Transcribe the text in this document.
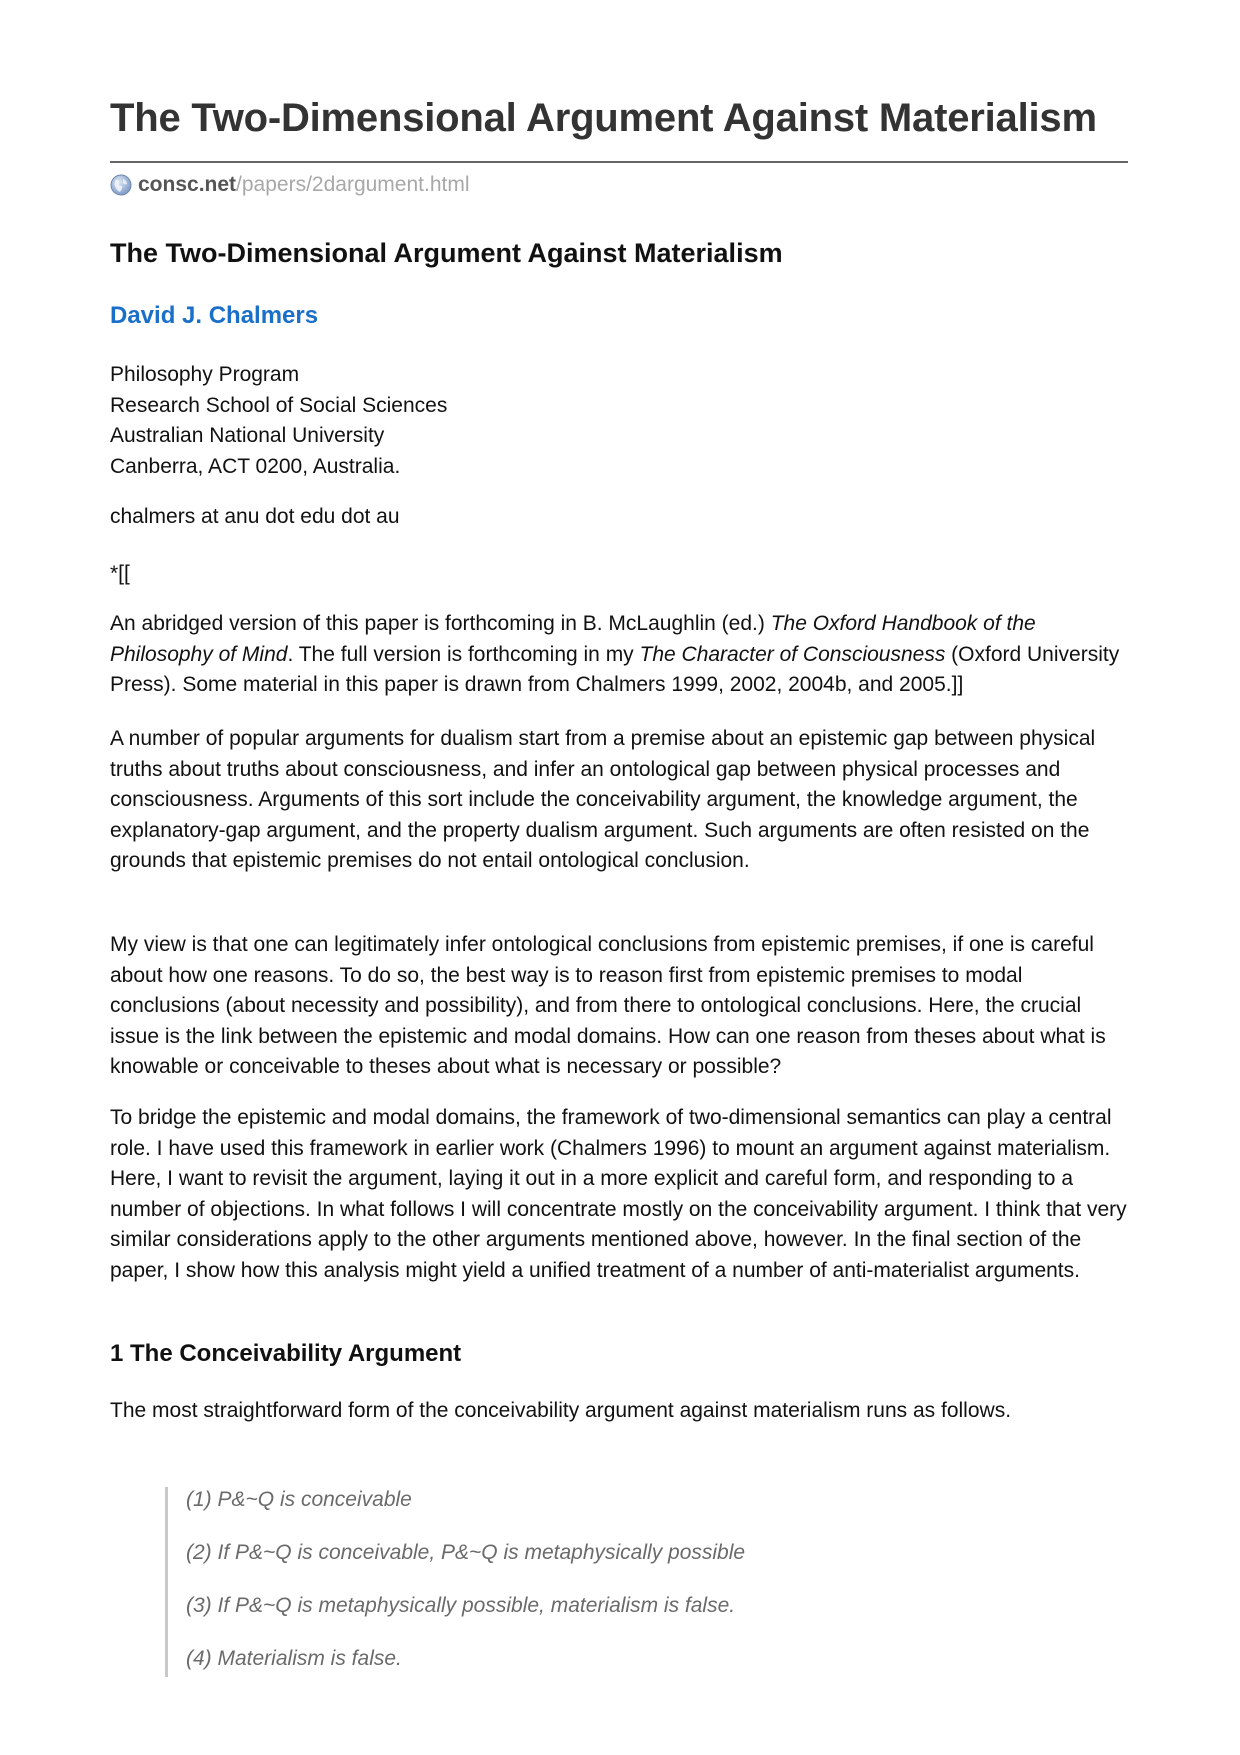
The Two-Dimensional Argument Against Materialism
consc.net /papers/2dargument.html
The Two-Dimensional Argument Against Materialism
David J. Chalmers
Philosophy Program
Research School of Social Sciences
Australian National University
Canberra, ACT 0200, Australia.
chalmers at anu dot edu dot au
*[[

An abridged version of this paper is forthcoming in B. McLaughlin (ed.) The Oxford Handbook of the Philosophy of Mind. The full version is forthcoming in my The Character of Consciousness (Oxford University Press). Some material in this paper is drawn from Chalmers 1999, 2002, 2004b, and 2005.]]

A number of popular arguments for dualism start from a premise about an epistemic gap between physical truths about truths about consciousness, and infer an ontological gap between physical processes and consciousness. Arguments of this sort include the conceivability argument, the knowledge argument, the explanatory-gap argument, and the property dualism argument. Such arguments are often resisted on the grounds that epistemic premises do not entail ontological conclusion.

My view is that one can legitimately infer ontological conclusions from epistemic premises, if one is careful about how one reasons. To do so, the best way is to reason first from epistemic premises to modal conclusions (about necessity and possibility), and from there to ontological conclusions. Here, the crucial issue is the link between the epistemic and modal domains. How can one reason from theses about what is knowable or conceivable to theses about what is necessary or possible?

To bridge the epistemic and modal domains, the framework of two-dimensional semantics can play a central role. I have used this framework in earlier work (Chalmers 1996) to mount an argument against materialism. Here, I want to revisit the argument, laying it out in a more explicit and careful form, and responding to a number of objections. In what follows I will concentrate mostly on the conceivability argument. I think that very similar considerations apply to the other arguments mentioned above, however. In the final section of the paper, I show how this analysis might yield a unified treatment of a number of anti-materialist arguments.

1 The Conceivability Argument

The most straightforward form of the conceivability argument against materialism runs as follows.

(1) P&~Q is conceivable
(2) If P&~Q is conceivable, P&~Q is metaphysically possible
(3) If P&~Q is metaphysically possible, materialism is false.
(4) Materialism is false.
